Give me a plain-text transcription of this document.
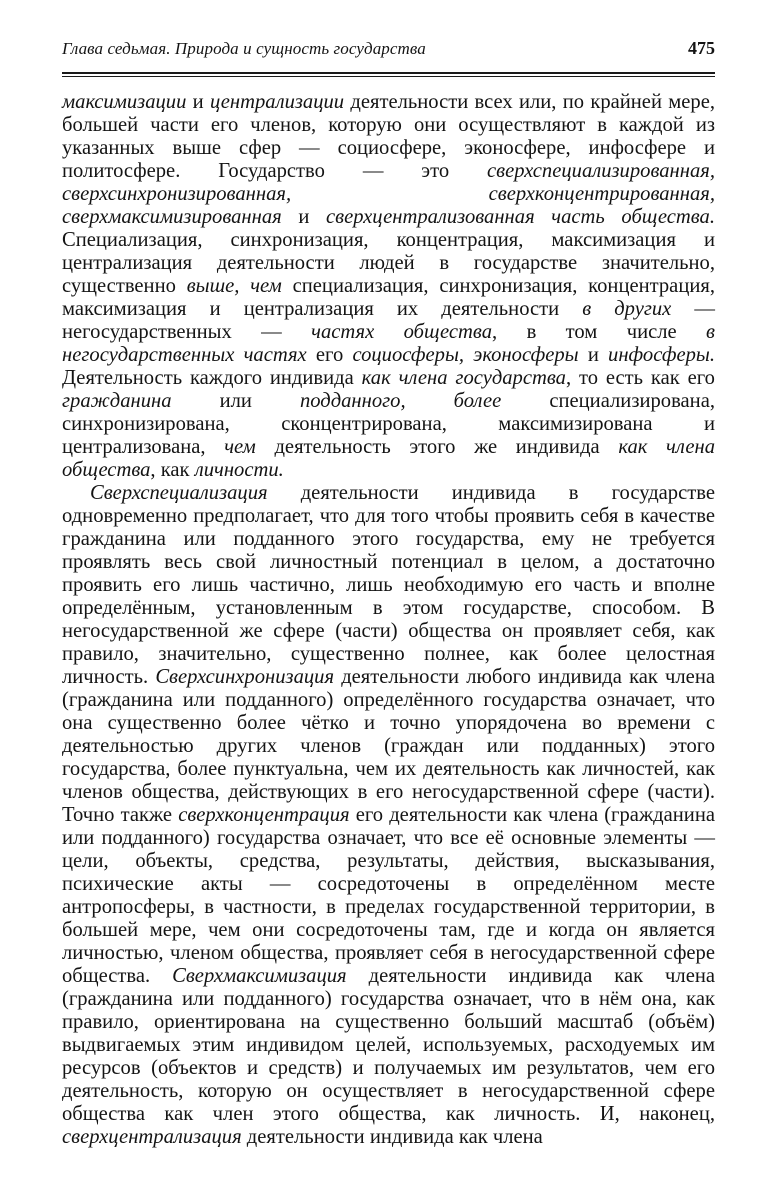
Глава седьмая. Природа и сущность государства	475

максимизации и централизации деятельности всех или, по крайней мере, большей части его членов, которую они осуществляют в каждой из указанных выше сфер — социосфере, эконосфере, инфосфере и политосфере. Государство — это сверхспециализированная, сверхсинхронизированная, сверхконцентрированная, сверхмаксимизированная и сверхцентрализованная часть общества. Специализация, синхронизация, концентрация, максимизация и централизация деятельности людей в государстве значительно, существенно выше, чем специализация, синхронизация, концентрация, максимизация и централизация их деятельности в других — негосударственных — частях общества, в том числе в негосударственных частях его социосферы, эконосферы и инфосферы. Деятельность каждого индивида как члена государства, то есть как его гражданина или подданного, более специализирована, синхронизирована, сконцентрирована, максимизирована и централизована, чем деятельность этого же индивида как члена общества, как личности.

Сверхспециализация деятельности индивида в государстве одновременно предполагает, что для того чтобы проявить себя в качестве гражданина или подданного этого государства, ему не требуется проявлять весь свой личностный потенциал в целом, а достаточно проявить его лишь частично, лишь необходимую его часть и вполне определённым, установленным в этом государстве, способом. В негосударственной же сфере (части) общества он проявляет себя, как правило, значительно, существенно полнее, как более целостная личность. Сверхсинхронизация деятельности любого индивида как члена (гражданина или подданного) определённого государства означает, что она существенно более чётко и точно упорядочена во времени с деятельностью других членов (граждан или подданных) этого государства, более пунктуальна, чем их деятельность как личностей, как членов общества, действующих в его негосударственной сфере (части). Точно также сверхконцентрация его деятельности как члена (гражданина или подданного) государства означает, что все её основные элементы — цели, объекты, средства, результаты, действия, высказывания, психические акты — сосредоточены в определённом месте антропосферы, в частности, в пределах государственной территории, в большей мере, чем они сосредоточены там, где и когда он является личностью, членом общества, проявляет себя в негосударственной сфере общества. Сверхмаксимизация деятельности индивида как члена (гражданина или подданного) государства означает, что в нём она, как правило, ориентирована на существенно больший масштаб (объём) выдвигаемых этим индивидом целей, используемых, расходуемых им ресурсов (объектов и средств) и получаемых им результатов, чем его деятельность, которую он осуществляет в негосударственной сфере общества как член этого общества, как личность. И, наконец, сверхцентрализация деятельности индивида как члена
